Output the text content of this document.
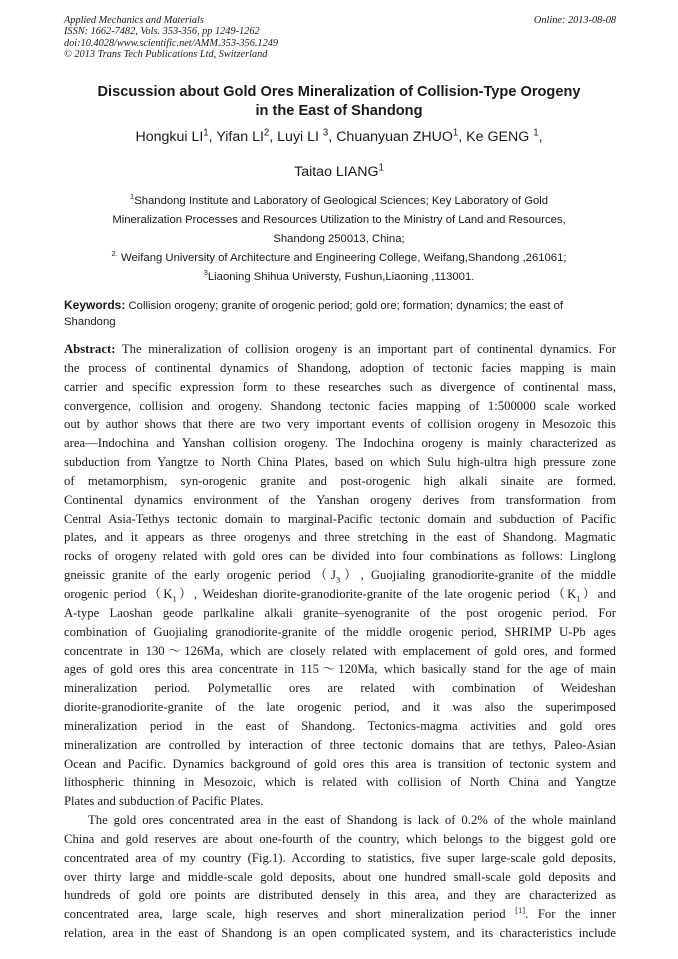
Applied Mechanics and Materials
ISSN: 1662-7482, Vols. 353-356, pp 1249-1262
doi:10.4028/www.scientific.net/AMM.353-356.1249
© 2013 Trans Tech Publications Ltd, Switzerland
Online: 2013-08-08
Discussion about Gold Ores Mineralization of Collision-Type Orogeny
in the East of Shandong
Hongkui $LI^1$, Yifan $LI^2$, Luyi LI $^3$, Chuanyuan ZHUO$^1$, Ke GENG $^1$,
Taitao LIANG$^1$
$^1$Shandong Institute and Laboratory of Geological Sciences; Key Laboratory of Gold
Mineralization Processes and Resources Utilization to the Ministry of Land and Resources,
Shandong 250013, China;
$^{2.}$ Weifang University of Architecture and Engineering College, Weifang,Shandong ,261061;
$^3$Liaoning Shihua Universty, Fushun,Liaoning ,113001.
Keywords: Collision orogeny; granite of orogenic period; gold ore; formation; dynamics; the east of
Shandong
Abstract: The mineralization of collision orogeny is an important part of continental dynamics. For
the process of continental dynamics of Shandong, adoption of tectonic facies mapping is main
carrier and specific expression form to these researches such as divergence of continental mass,
convergence, collision and orogeny. Shandong tectonic facies mapping of 1:500000 scale worked
out by author shows that there are two very important events of collision orogeny in Mesozoic this
area—Indochina and Yanshan collision orogeny. The Indochina orogeny is mainly characterized as
subduction from Yangtze to North China Plates, based on which Sulu high-ultra high pressure zone
of metamorphism, syn-orogenic granite and post-orogenic high alkali sinaite are formed.
Continental dynamics environment of the Yanshan orogeny derives from transformation from
Central Asia-Tethys tectonic domain to marginal-Pacific tectonic domain and subduction of Pacific
plates, and it appears as three orogenys and three stretching in the east of Shandong. Magmatic
rocks of orogeny related with gold ores can be divided into four combinations as follows: Linglong
gneissic granite of the early orogenic $period(J_3)$, Guojialing granodiorite-granite of the middle
orogenic $period(K_1)$, Weideshan diorite-granodiorite-granite of the late orogenic $period(K_1)and$
A-type Laoshan geode parlkaline alkali granite–syenogranite of the post orogenic period. For
combination of Guojialing granodiorite-granite of the middle orogenic period, SHRIMP U-Pb ages
concentrate in 130～126Ma, which are closely related with emplacement of gold ores, and formed
ages of gold ores this area concentrate in 115～120Ma, which basically stand for the age of main
mineralization period. Polymetallic ores are related with combination of Weideshan
diorite-granodiorite-granite of the late orogenic period, and it was also the superimposed
mineralization period in the east of Shandong. Tectonics-magma activities and gold ores
mineralization are controlled by interaction of three tectonic domains that are tethys, Paleo-Asian
Ocean and Pacific. Dynamics background of gold ores this area is transition of tectonic system and
lithospheric thinning in Mesozoic, which is related with collision of North China and Yangtze
Plates and subduction of Pacific Plates.
The gold ores concentrated area in the east of Shandong is lack of 0.2% of the whole mainland
China and gold reserves are about one-fourth of the country, which belongs to the biggest gold ore
concentrated area of my country (Fig.1). According to statistics, five super large-scale gold deposits,
over thirty large and middle-scale gold deposits, about one hundred small-scale gold deposits and
hundreds of gold ore points are distributed densely in this area, and they are characterized as
concentrated area, large scale, high reserves and short mineralization period [1]. For the inner
relation, area in the east of Shandong is an open complicated system, and its characteristics include
